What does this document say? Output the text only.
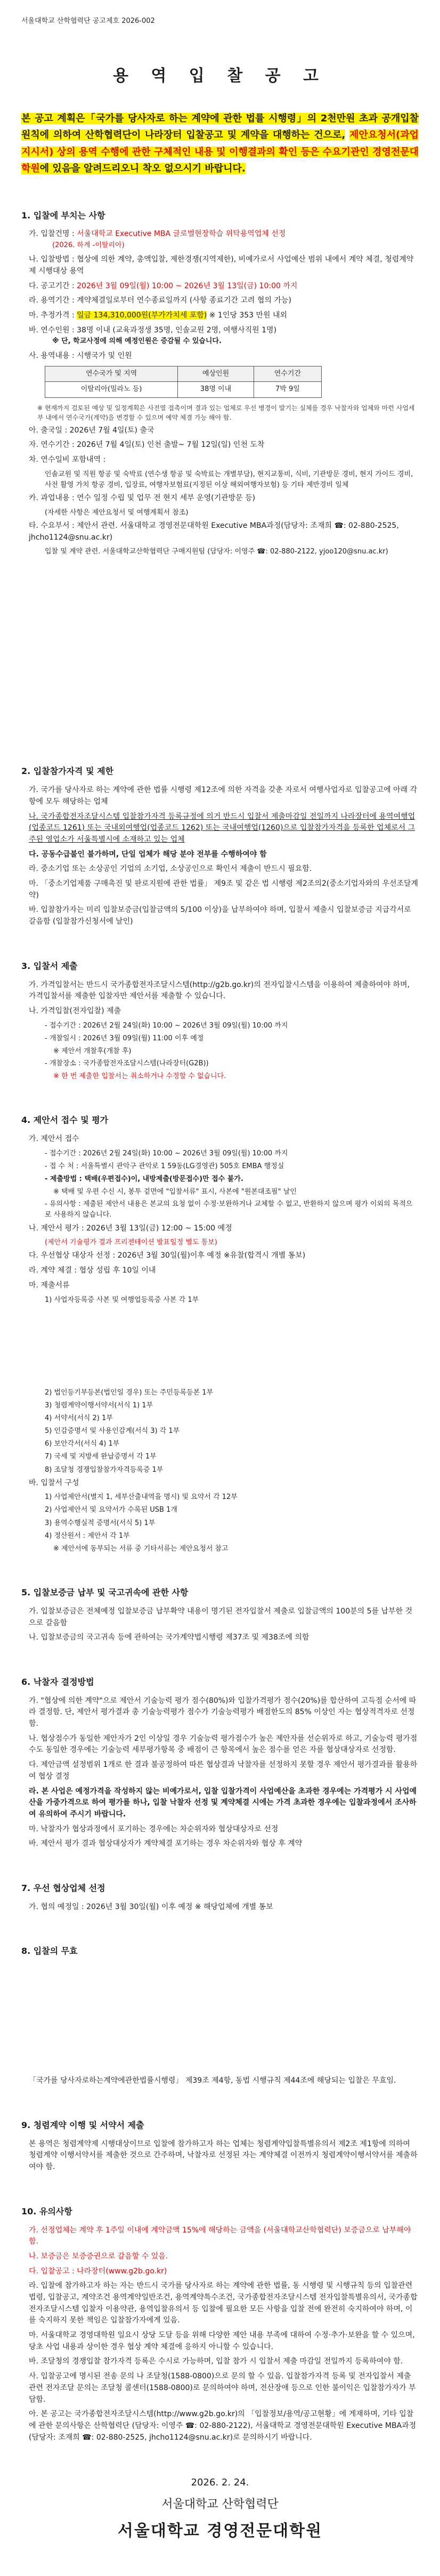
서울대학교 산학협력단 공고제호 2026-002
용 역 입 찰 공 고
본 공고 계획은「국가를 당사자로 하는 계약에 관한 법률 시행령」의 2천만원 초과 공개입찰 원칙에 의하여 산학협력단이 나라장터 입찰공고 및 계약을 대행하는 건으로, 제안요청서(과업지시서) 상의 용역 수행에 관한 구체적인 내용 및 이행결과의 확인 등은 수요기관인 경영전문대학원에 있음을 알려드리오니 착오 없으시기 바랍니다.
1. 입찰에 부치는 사항
가. 입찰건명 : 서울대학교 Executive MBA 글로벌현장학습 위탁용역업체 선정
(2026. 하계 -이탈리아)
나. 입찰방법 : 협상에 의한 계약, 총액입찰, 제한경쟁(지역제한), 비예가로서 사업예산 범위 내에서 계약 체결, 청렴계약제 시행대상 용역
다. 공고기간 : 2026년 3월 09일(월) 10:00 ~ 2026년 3월 13일(금) 10:00 까지
라. 용역기간 : 계약체결일로부터 연수종료일까지 (사항 종료기간 고려 협의 가능)
마. 추정가격 : 일금 134,310,000원(부가가치세 포함) ※ 1인당 353 만원 내외
바. 연수인원 : 38명 이내 (교육과정생 35명, 인솔교원 2명, 여행사직원 1명)
※ 단, 학교사정에 의해 예정인원은 증감될 수 있습니다.
사. 용역내용 : 시행국가 및 인원
연수국가 및 지역	예상인원	연수기간
이탈리아(밀라노 등)	38명 이내	7박 9일
※ 현재까지 검토된 예상 및 일정계획은 사전열 접촉이며 결과 있는 업체로 우선 병경이 발기는 실체를 경우 낙찰자와 업체와 마련 사업세부 내에서 연수국가(계약)을 변경할 수 있으며 예약 체결 가능 해야 함.
아. 출국일 : 2026년 7월 4일(토) 출국
자. 연수기간 : 2026년 7월 4일(토) 인천 출발~ 7월 12일(일) 인천 도착
차. 연수일비 포함내역 :
인솔교원 및 직원 항공 및 숙박료 (연수생 항공 및 숙박료는 개별부담), 현지교통비, 식비, 기관방문 경비, 현지 가이드 경비, 사전 활영 가치 항공 경비, 입장료, 여행자보험료(지정된 이상 해외여행자보험) 등 기타 제반경비 일체
카. 과업내용 : 연수 일정 수립 및 업무 전 현지 세부 운영(기관방문 등)
(자세한 사항은 제안요청서 및 여행계획서 참조)
타. 수요부서 : 제안서 관련. 서울대학교 경영전문대학원 Executive MBA과정(담당자: 조재희 ☎: 02-880-2525, jhcho1124@snu.ac.kr)
입찰 및 계약 관련. 서울대학교산학협력단 구매지원팀 (담당자: 이영주 ☎: 02-880-2122, yjoo120@snu.ac.kr)
2. 입찰참가자격 및 제한
가. 국가를 당사자로 하는 계약에 관한 법률 시행령 제12조에 의한 자격을 갖춘 자로서 여행사업자로 입찰공고에 아래 각 항에 모두 해당하는 업체
나. 국가종합전자조달시스템 입찰참가자격 등록규정에 의거 반드시 입찰서 제출마감일 전일까지 나라장터에 용역여행업(업종코드 1261) 또는 국내외여행업(업종코드 1262) 또는 국내여행업(1260)으로 입찰참가자격을 등록한 업체로서 그 주된 영업소가 서울특별시에 소재하고 있는 업체
다. 공동수급불인 불가하며, 단일 업체가 해당 분야 전부를 수행하여야 함
라. 중소기업 또는 소상공인 기업의 소기업, 소상공인으로 확인서 제출이 반드시 필요함.
마. 「중소기업제품 구매촉진 및 판로지원에 관한 법률」 제9조 및 같은 법 시행령 제2조의2(중소기업자와의 우선조달계약)
바. 입찰참가자는 미리 입찰보증금(입찰금액의 5/100 이상)을 납부하여야 하며, 입찰서 제출시 입찰보증금 지급각서로 갈음함 (입찰참가신청서에 날인)
3. 입찰서 제출
가. 가격입찰서는 반드시 국가종합전자조달시스템(http://g2b.go.kr)의 전자입찰시스템을 이용하여 제출하여야 하며, 가격입찰서를 제출한 입찰자만 제안서를 제출할 수 있습니다.
나. 가격입찰(전자입찰) 제출
- 접수기간 : 2026년 2월 24일(화) 10:00 ~ 2026년 3월 09일(월) 10:00 까지
- 개찰일시 : 2026년 3월 09일(월) 11:00 이후 예정
※ 제안서 개찰후(개찰 후)
- 개찰장소 : 국가종합전자조달시스템(나라장터(G2B))
※ 한 번 제출한 입찰서는 취소하거나 수정할 수 없습니다.
4. 제안서 접수 및 평가
가. 제안서 접수
- 접수기간 : 2026년 2월 24일(화) 10:00 ~ 2026년 3월 09일(월) 10:00 까지
- 접 수 처 : 서울특별시 관악구 관악로 1 59동(LG경영관) 505호 EMBA 행정실
- 제출방법 : 택배(우편접수)이, 내방제출(방문접수)만 접수 불가.
※ 택배 및 우편 수신 시, 봉투 겉면에 "입찰서류" 표시, 사본에 "원본대조필" 날인
- 유의사항 : 제출된 제안서 내용은 본교의 요청 없이 수정·보완하거나 교체할 수 없고, 반환하지 않으며 평가 이외의 목적으로 사용하지 않습니다.
나. 제안서 평가 : 2026년 3월 13일(금) 12:00 ~ 15:00 예정
(제안서 기술평가 결과 프리젠테이션 발표일정 별도 통보)
다. 우선협상 대상자 선정 : 2026년 3월 30일(월)이후 예정 ※유찰(합격시 개별 통보)
라. 계약 체결 : 협상 성립 후 10일 이내
마. 제출서류
1) 사업자등록증 사본 및 여행업등록증 사본 각 1부
2) 법인등기부등본(법인일 경우) 또는 주민등록등본 1부
3) 청렴계약이행서약서(서식 1) 1부
4) 서약서(서식 2) 1부
5) 인감증명서 및 사용인감계(서식 3) 각 1부
6) 보안각서(서식 4) 1부
7) 국세 및 지방세 완납증명서 각 1부
8) 조달청 경쟁입찰참가자격등록증 1부
바. 입찰서 구성
1) 사업제안서(별지 1, 세부산출내역을 명시) 및 요약서 각 12부
2) 사업제안서 및 요약서가 수록된 USB 1개
3) 용역수행실적 증명서(서식 5) 1부
4) 정산원서 : 제안서 각 1부
※ 제안서에 동부되는 서류 중 기타서류는 제안요청서 참고
5. 입찰보증금 납부 및 국고귀속에 관한 사항
가. 입찰보증금은 전체예정 입찰보증금 납부확약 내용이 명기된 전자입찰서 제출로 입찰금액의 100분의 5를 납부한 것으로 갈음함
나. 입찰보증금의 국고귀속 등에 관하여는 국가계약법시행령 제37조 및 제38조에 의함
6. 낙찰자 결정방법
가. "협상에 의한 계약"으로 제안서 기술능력 평가 점수(80%)와 입찰가격평가 점수(20%)를 합산하여 고득점 순서에 따라 결정함. 단, 제안서 평가결과 총 기술능력평가 점수가 기술능력평가 배점한도의 85% 이상인 자는 협상적격자로 선정함.
나. 협상점수가 동일한 제안자가 2인 이상일 경우 기술능력 평가점수가 높은 제안자를 선순위자로 하고, 기술능력 평가점수도 동일한 경우에는 기술능력 세부평가항목 중 배점이 큰 항목에서 높은 점수를 얻은 자를 협상대상자로 선정함.
다. 제안금액 설정범위 1개로 한 결과 불공정하여 따른 협상결과 낙찰자를 선정하지 못할 경우 제안서 평가결과를 활용하여 협상 결정
라. 본 사업은 예정가격을 작성하지 않는 비예가로서, 입찰 입찰가격이 사업예산을 초과한 경우에는 가격평가 시 사업예산을 가중가격으로 하여 평가를 하나, 입찰 낙찰자 선정 및 계약체결 시에는 가격 초과한 경우에는 입찰과정에서 조사하여 유의하여 주시기 바랍니다.
마. 낙찰자가 협상과정에서 포기하는 경우에는 차순위자와 협상대상자로 선정
바. 제안서 평가 결과 협상대상자가 계약체결 포기하는 경우 차순위자와 협상 후 계약
7. 우선 협상업체 선정
가. 협의 예정일 : 2026년 3월 30일(월) 이후 예정 ※ 해당업체에 개별 통보
8. 입찰의 무효
「국가를 당사자로하는계약에관한법률시행령」 제39조 제4항, 동법 시행규칙 제44조에 해당되는 입찰은 무효임.
9. 청렴계약 이행 및 서약서 제출
본 용역은 청렴계약제 시행대상이므로 입찰에 참가하고자 하는 업체는 청렴계약입찰특별유의서 제2조 제1항에 의하여 청렴계약 이행서약서를 제출한 것으로 간주하며, 낙찰자로 선정된 자는 계약체결 이전까지 청렴계약이행서약서를 제출하여야 함.
10. 유의사항
가. 선정업체는 계약 후 1주일 이내에 계약금액 15%에 해당하는 금액을 (서울대학교산학협력단) 보증금으로 납부해야 함.
나. 보증금은 보증증권으로 갈음할 수 있음.
다. 입찰공고 : 나라장터(www.g2b.go.kr)
라. 입찰에 참가하고자 하는 자는 반드시 국가를 당사자로 하는 계약에 관한 법률, 동 시행령 및 시행규칙 등의 입찰관련 법령, 입찰공고, 계약조건 용역계약일반조건, 용역계약특수조건, 국가종합전자조달시스템 전자입찰특별유의서, 국가종합전자조달시스템 입찰자 이용약관, 용역입찰유의서 등 입찰에 필요한 모든 사항을 입찰 전에 완전히 숙지하여야 하며, 이를 숙지하지 못한 책임은 입찰참가자에게 있음.
마. 서울대학교 경영대학원 일요시 상당 도달 등을 위해 다양한 제안 내용 부족에 대하여 수정·추가·보완을 할 수 있으며, 당초 사업 내용과 상이한 경우 협상 계약 체결에 응하지 아니할 수 있습니다.
바. 조달청의 경쟁입찰 참가자격 등록은 수시로 가능하며, 입찰 참가 시 입찰서 제출 마감일 전일까지 등록하여야 함.
사. 입찰공고에 명시된 전송 문의 나 조달청(1588-0800)으로 문의 할 수 있음. 입찰참가자격 등록 및 전자입찰서 제출 관련 전자조달 문의는 조달청 콜센터(1588-0800)로 문의하여야 하며, 전산장애 등으로 인한 불이익은 입찰참가자가 부담함.
아. 본 공고는 국가종합전자조달시스템(http://www.g2b.go.kr)의 「입찰정보/용역/공고현황」에 게재하며, 기타 입찰에 관한 문의사항은 산학협력단 (담당자: 이영주 ☎: 02-880-2122), 서울대학교 경영전문대학원 Executive MBA과정(담당자: 조재희 ☎: 02-880-2525, jhcho1124@snu.ac.kr)로 문의하시기 바랍니다.
2026. 2. 24.
서울대학교 산학협력단
서울대학교 경영전문대학원
